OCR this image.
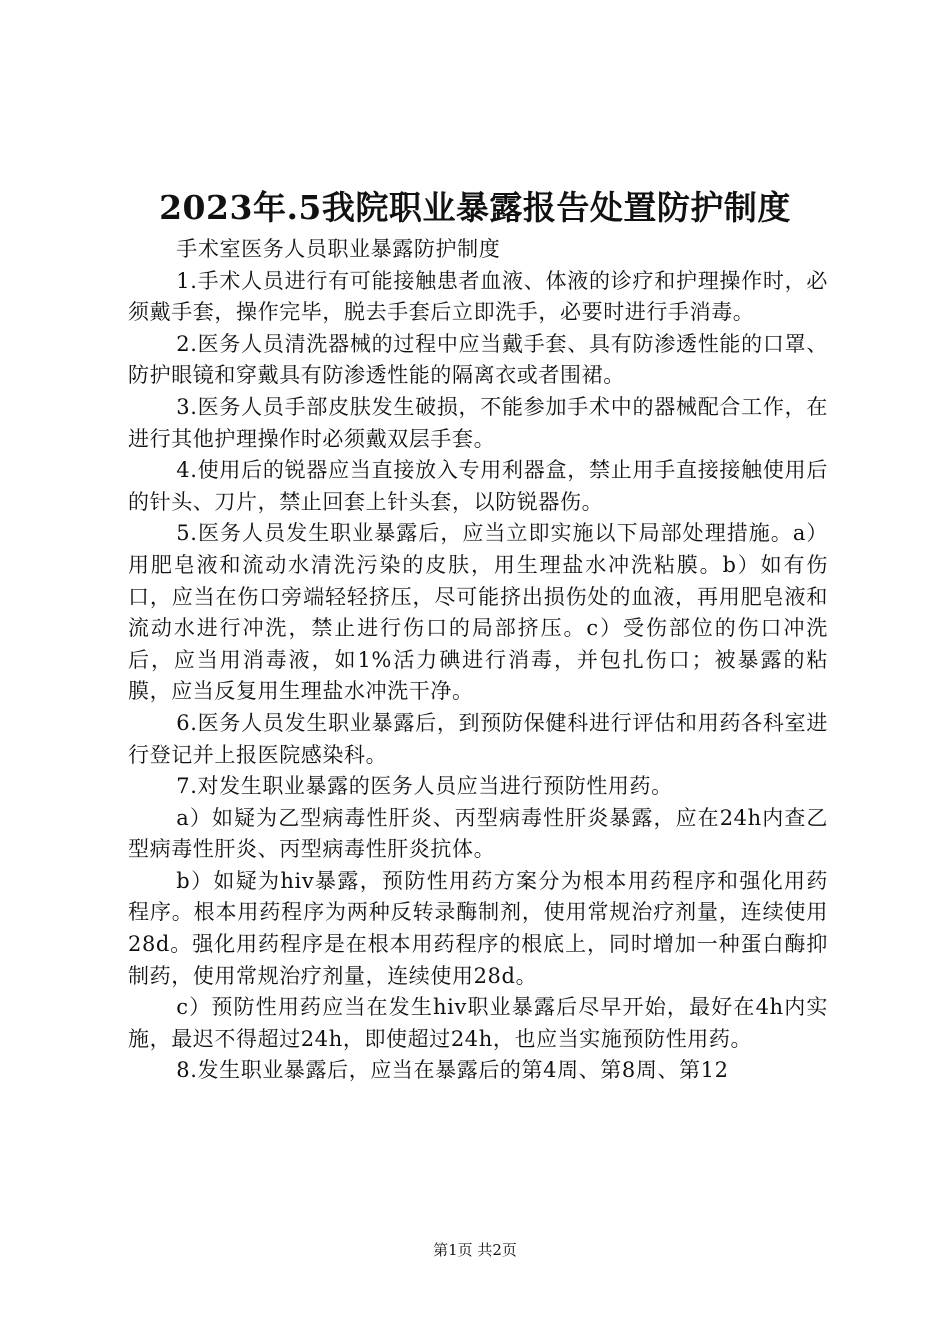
2023年.5我院职业暴露报告处置防护制度

手术室医务人员职业暴露防护制度

1.手术人员进行有可能接触患者血液、体液的诊疗和护理操作时，必须戴手套，操作完毕，脱去手套后立即洗手，必要时进行手消毒。

2.医务人员清洗器械的过程中应当戴手套、具有防渗透性能的口罩、防护眼镜和穿戴具有防渗透性能的隔离衣或者围裙。

3.医务人员手部皮肤发生破损，不能参加手术中的器械配合工作，在进行其他护理操作时必须戴双层手套。

4.使用后的锐器应当直接放入专用利器盒，禁止用手直接接触使用后的针头、刀片，禁止回套上针头套，以防锐器伤。

5.医务人员发生职业暴露后，应当立即实施以下局部处理措施。a）用肥皂液和流动水清洗污染的皮肤，用生理盐水冲洗粘膜。b）如有伤口，应当在伤口旁端轻轻挤压，尽可能挤出损伤处的血液，再用肥皂液和流动水进行冲洗，禁止进行伤口的局部挤压。c）受伤部位的伤口冲洗后，应当用消毒液，如1%活力碘进行消毒，并包扎伤口；被暴露的粘膜，应当反复用生理盐水冲洗干净。

6.医务人员发生职业暴露后，到预防保健科进行评估和用药各科室进行登记并上报医院感染科。

7.对发生职业暴露的医务人员应当进行预防性用药。

a）如疑为乙型病毒性肝炎、丙型病毒性肝炎暴露，应在24h内查乙型病毒性肝炎、丙型病毒性肝炎抗体。

b）如疑为hiv暴露，预防性用药方案分为根本用药程序和强化用药程序。根本用药程序为两种反转录酶制剂，使用常规治疗剂量，连续使用28d。强化用药程序是在根本用药程序的根底上，同时增加一种蛋白酶抑制药，使用常规治疗剂量，连续使用28d。

c）预防性用药应当在发生hiv职业暴露后尽早开始，最好在4h内实施，最迟不得超过24h，即使超过24h，也应当实施预防性用药。

8.发生职业暴露后，应当在暴露后的第4周、第8周、第12

第1页 共2页
